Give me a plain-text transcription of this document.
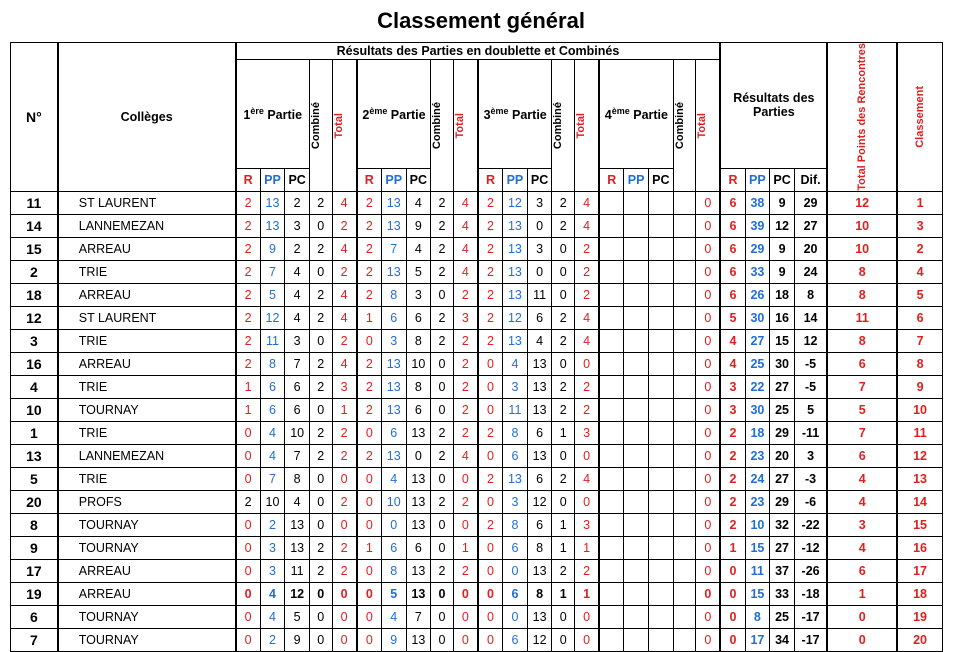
Classement général
N°	Collèges	Résultats des Parties en doublette et Combinés																				Résultats des Parties				Total Points des Rencontres	Classement

		1ère Partie			Combiné	Total	2ème Partie			Combiné	Total	3ème Partie			Combiné	Total	4ème Partie			Combiné	Total						

		R	PP	PC			R	PP	PC			R	PP	PC			R	PP	PC			R	PP	PC	Dif.		
11	ST LAURENT	2	13	2	2	4	2	13	4	2	4	2	12	3	2	4					0	6	38	9	29	12	1
14	LANNEMEZAN	2	13	3	0	2	2	13	9	2	4	2	13	0	2	4					0	6	39	12	27	10	3
15	ARREAU	2	9	2	2	4	2	7	4	2	4	2	13	3	0	2					0	6	29	9	20	10	2
2	TRIE	2	7	4	0	2	2	13	5	2	4	2	13	0	0	2					0	6	33	9	24	8	4
18	ARREAU	2	5	4	2	4	2	8	3	0	2	2	13	11	0	2					0	6	26	18	8	8	5
12	ST LAURENT	2	12	4	2	4	1	6	6	2	3	2	12	6	2	4					0	5	30	16	14	11	6
3	TRIE	2	11	3	0	2	0	3	8	2	2	2	13	4	2	4					0	4	27	15	12	8	7
16	ARREAU	2	8	7	2	4	2	13	10	0	2	0	4	13	0	0					0	4	25	30	-5	6	8
4	TRIE	1	6	6	2	3	2	13	8	0	2	0	3	13	2	2					0	3	22	27	-5	7	9
10	TOURNAY	1	6	6	0	1	2	13	6	0	2	0	11	13	2	2					0	3	30	25	5	5	10
1	TRIE	0	4	10	2	2	0	6	13	2	2	2	8	6	1	3					0	2	18	29	-11	7	11
13	LANNEMEZAN	0	4	7	2	2	2	13	0	2	4	0	6	13	0	0					0	2	23	20	3	6	12
5	TRIE	0	7	8	0	0	0	4	13	0	0	2	13	6	2	4					0	2	24	27	-3	4	13
20	PROFS	2	10	4	0	2	0	10	13	2	2	0	3	12	0	0					0	2	23	29	-6	4	14
8	TOURNAY	0	2	13	0	0	0	0	13	0	0	2	8	6	1	3					0	2	10	32	-22	3	15
9	TOURNAY	0	3	13	2	2	1	6	6	0	1	0	6	8	1	1					0	1	15	27	-12	4	16
17	ARREAU	0	3	11	2	2	0	8	13	2	2	0	0	13	2	2					0	0	11	37	-26	6	17
19	ARREAU	0	4	12	0	0	0	5	13	0	0	0	6	8	1	1					0	0	15	33	-18	1	18
6	TOURNAY	0	4	5	0	0	0	4	7	0	0	0	0	13	0	0					0	0	8	25	-17	0	19
7	TOURNAY	0	2	9	0	0	0	9	13	0	0	0	6	12	0	0					0	0	17	34	-17	0	20
